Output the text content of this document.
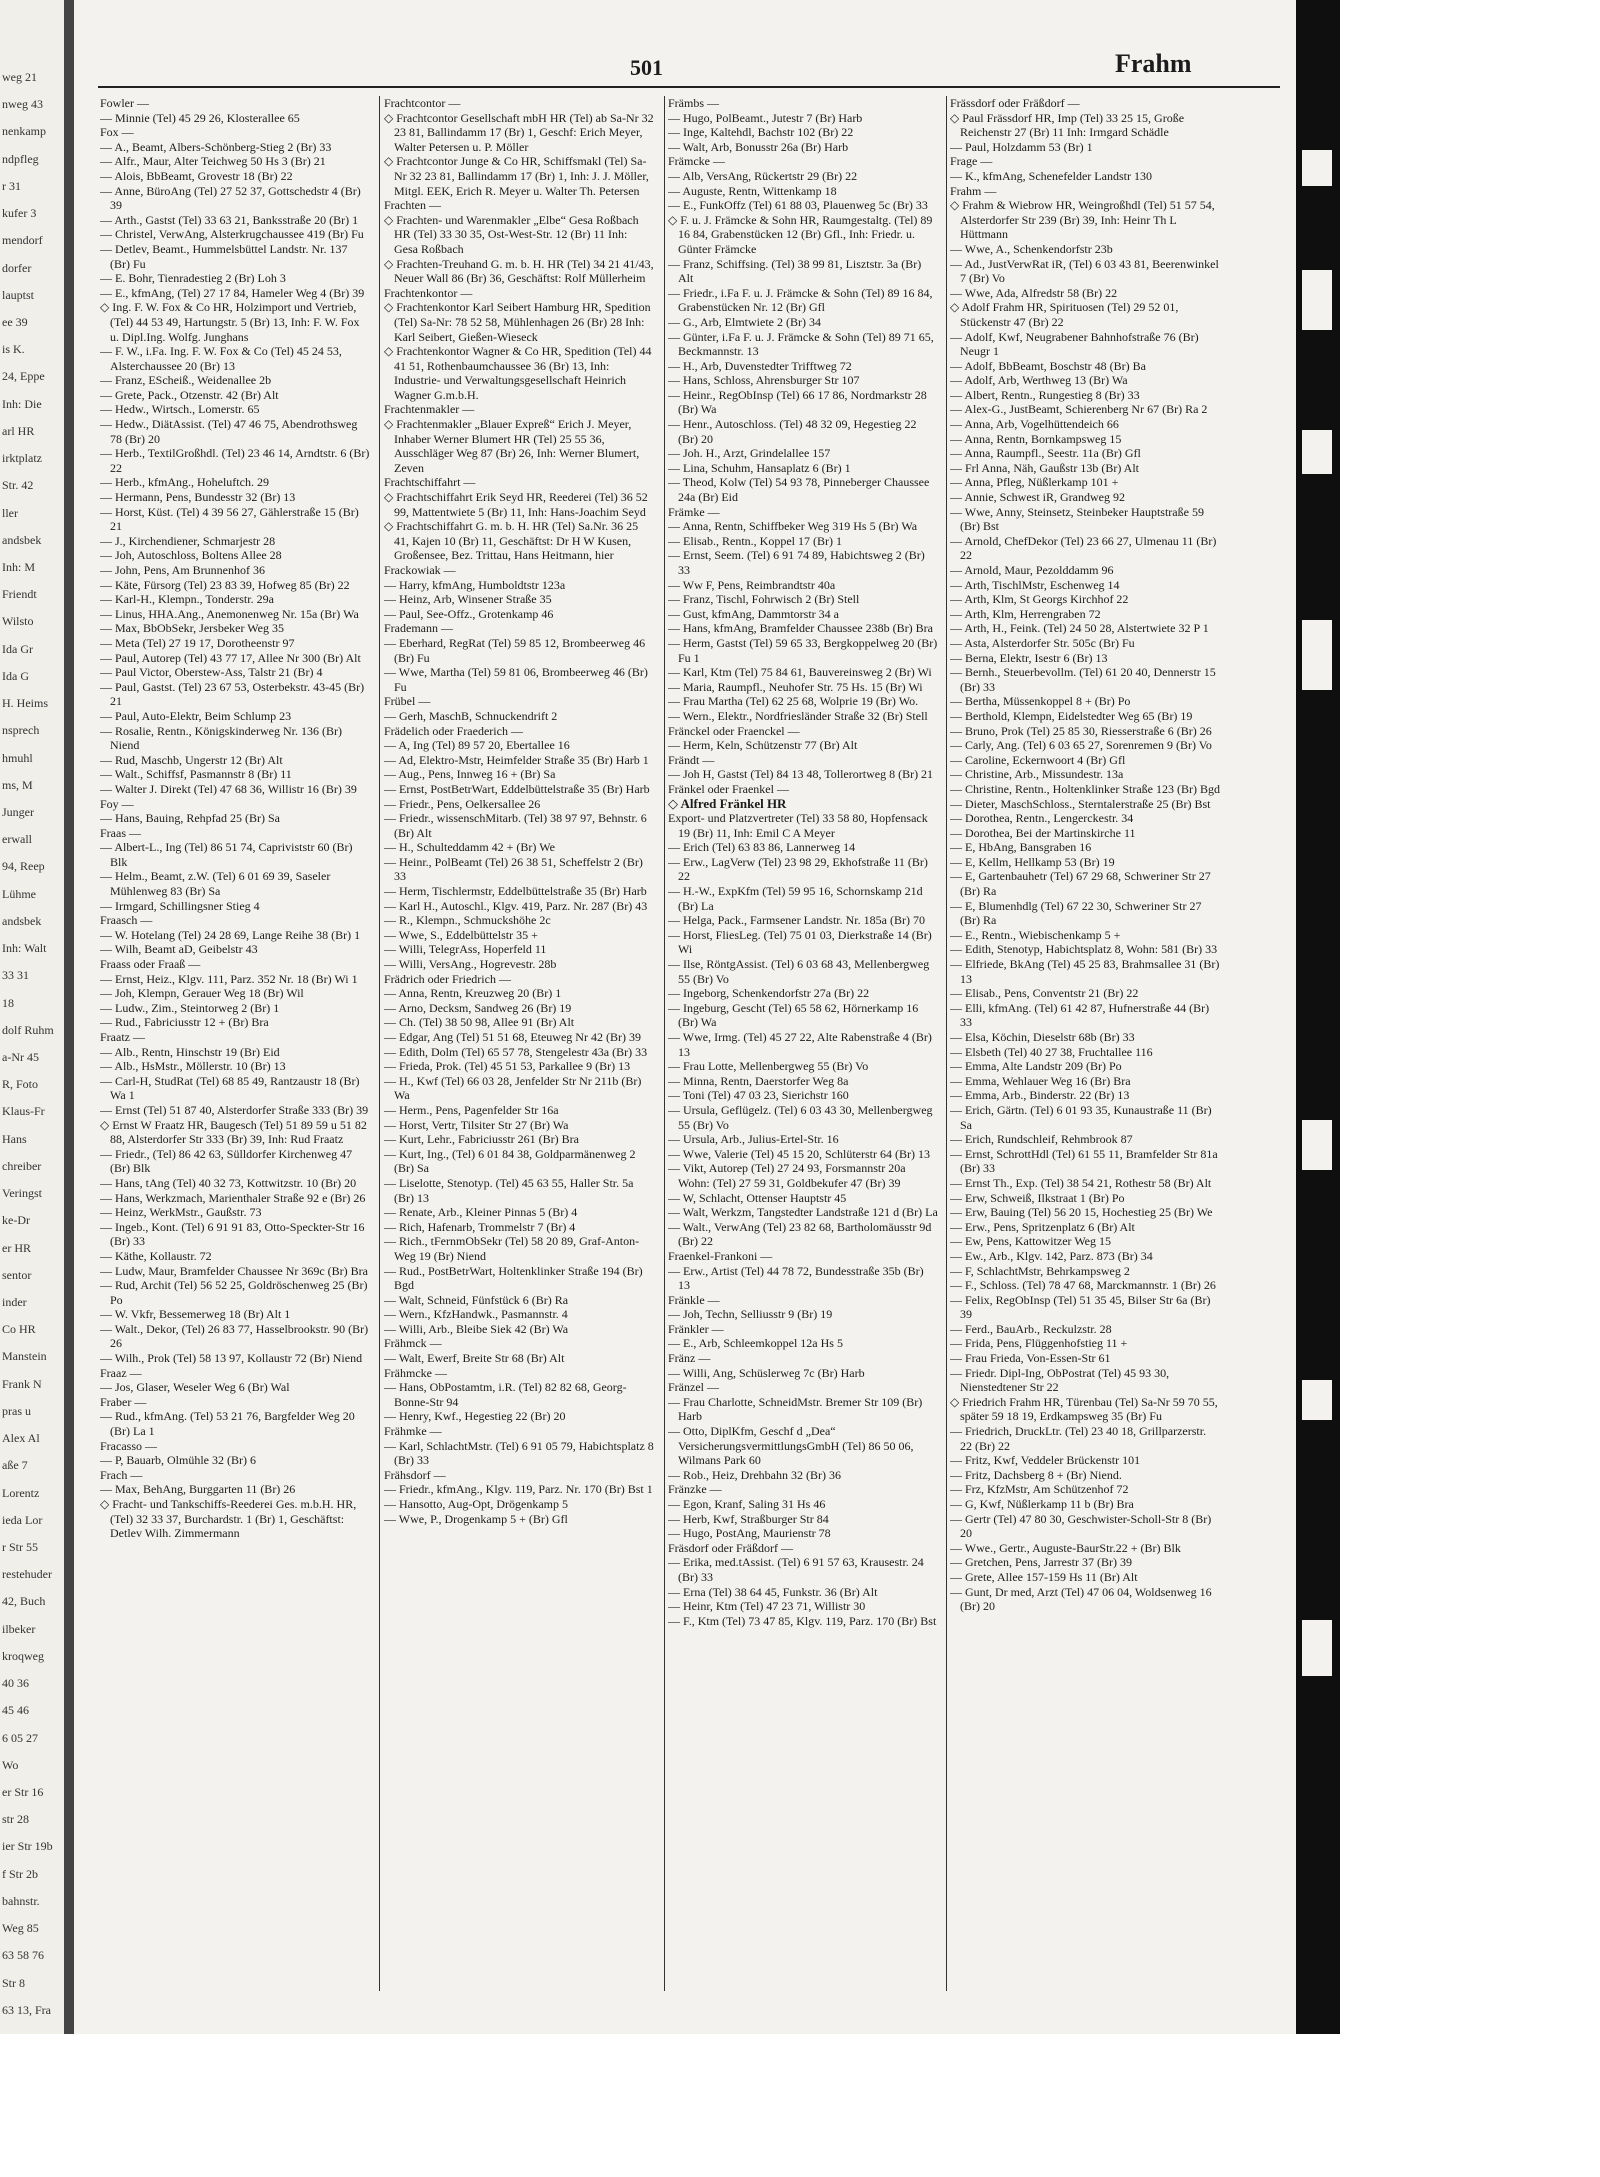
weg 21
nweg 43
nenkamp
ndpfleg
r 31
kufer 3
mendorf
dorfer
lauptst
ee 39
is K.
24, Eppe
Inh: Die
arl HR
irktplatz
Str. 42
ller
andsbek
Inh: M
Friendt
Wilsto
Ida Gr
Ida G
H. Heims
nsprech
hmuhl
ms, M
Junger
erwall
94, Reep
Lühme
andsbek
Inh: Walt
33 31
18
dolf Ruhm
a-Nr 45
R, Foto
Klaus-Fr
Hans
chreiber
Veringst
ke-Dr
er HR
sentor
inder
Co HR
Manstein
Frank N
pras u
Alex Al
aße 7
Lorentz
ieda Lor
r Str 55
restehuder
42, Buch
ilbeker
kroqweg
40 36
45 46
6 05 27
Wo
er Str 16
str 28
ier Str 19b
f Str 2b
bahnstr.
Weg 85
63 58 76
Str 8
63 13, Fra
501	Frahm
Fowler —
— Minnie (Tel) 45 29 26, Klosterallee 65
Fox —
— A., Beamt, Albers-Schönberg-Stieg 2 (Br) 33
— Alfr., Maur, Alter Teichweg 50 Hs 3 (Br) 21
— Alois, BbBeamt, Grovestr 18 (Br) 22
— Anne, BüroAng (Tel) 27 52 37, Gottschedstr 4 (Br) 39
— Arth., Gastst (Tel) 33 63 21, Banksstraße 20 (Br) 1
— Christel, VerwAng, Alsterkrugchaussee 419 (Br) Fu
— Detlev, Beamt., Hummelsbüttel Landstr. Nr. 137 (Br) Fu
— E. Bohr, Tienradestieg 2 (Br) Loh 3
— E., kfmAng, (Tel) 27 17 84, Hameler Weg 4 (Br) 39
◇ Ing. F. W. Fox & Co HR, Holzimport und Vertrieb, (Tel) 44 53 49, Hartungstr. 5 (Br) 13, Inh: F. W. Fox u. Dipl.Ing. Wolfg. Junghans
— F. W., i.Fa. Ing. F. W. Fox & Co (Tel) 45 24 53, Alsterchaussee 20 (Br) 13
— Franz, EScheiß., Weidenallee 2b
— Grete, Pack., Otzenstr. 42 (Br) Alt
— Hedw., Wirtsch., Lomerstr. 65
— Hedw., DiätAssist. (Tel) 47 46 75, Abendrothsweg 78 (Br) 20
— Herb., TextilGroßhdl. (Tel) 23 46 14, Arndtstr. 6 (Br) 22
— Herb., kfmAng., Hoheluftch. 29
— Hermann, Pens, Bundesstr 32 (Br) 13
— Horst, Küst. (Tel) 4 39 56 27, Gählerstraße 15 (Br) 21
— J., Kirchendiener, Schmarjestr 28
— Joh, Autoschloss, Boltens Allee 28
— John, Pens, Am Brunnenhof 36
— Käte, Fürsorg (Tel) 23 83 39, Hofweg 85 (Br) 22
— Karl-H., Klempn., Tonderstr. 29a
— Linus, HHA.Ang., Anemonenweg Nr. 15a (Br) Wa
— Max, BbObSekr, Jersbeker Weg 35
— Meta (Tel) 27 19 17, Dorotheenstr 97
— Paul, Autorep (Tel) 43 77 17, Allee Nr 300 (Br) Alt
— Paul Victor, Oberstew-Ass, Talstr 21 (Br) 4
— Paul, Gastst. (Tel) 23 67 53, Osterbekstr. 43-45 (Br) 21
— Paul, Auto-Elektr, Beim Schlump 23
— Rosalie, Rentn., Königskinderweg Nr. 136 (Br) Niend
— Rud, Maschb, Ungerstr 12 (Br) Alt
— Walt., Schiffsf, Pasmannstr 8 (Br) 11
— Walter J. Direkt (Tel) 47 68 36, Willistr 16 (Br) 39
Foy —
— Hans, Bauing, Rehpfad 25 (Br) Sa
Fraas —
— Albert-L., Ing (Tel) 86 51 74, Capriviststr 60 (Br) Blk
— Helm., Beamt, z.W. (Tel) 6 01 69 39, Saseler Mühlenweg 83 (Br) Sa
— Irmgard, Schillingsner Stieg 4
Fraasch —
— W. Hotelang (Tel) 24 28 69, Lange Reihe 38 (Br) 1
— Wilh, Beamt aD, Geibelstr 43
Fraass oder Fraaß —
— Ernst, Heiz., Klgv. 111, Parz. 352 Nr. 18 (Br) Wi 1
— Joh, Klempn, Gerauer Weg 18 (Br) Wil
— Ludw., Zim., Steintorweg 2 (Br) 1
— Rud., Fabriciusstr 12 + (Br) Bra
Fraatz —
— Alb., Rentn, Hinschstr 19 (Br) Eid
— Alb., HsMstr., Möllerstr. 10 (Br) 13
— Carl-H, StudRat (Tel) 68 85 49, Rantzaustr 18 (Br) Wa 1
— Ernst (Tel) 51 87 40, Alsterdorfer Straße 333 (Br) 39
◇ Ernst W Fraatz HR, Baugesch (Tel) 51 89 59 u 51 82 88, Alsterdorfer Str 333 (Br) 39, Inh: Rud Fraatz
— Friedr., (Tel) 86 42 63, Sülldorfer Kirchenweg 47 (Br) Blk
— Hans, tAng (Tel) 40 32 73, Kottwitzstr. 10 (Br) 20
— Hans, Werkzmach, Marienthaler Straße 92 e (Br) 26
— Heinz, WerkMstr., Gaußstr. 73
— Ingeb., Kont. (Tel) 6 91 91 83, Otto-Speckter-Str 16 (Br) 33
— Käthe, Kollaustr. 72
— Ludw, Maur, Bramfelder Chaussee Nr 369c (Br) Bra
— Rud, Archit (Tel) 56 52 25, Goldröschenweg 25 (Br) Po
— W. Vkfr, Bessemerweg 18 (Br) Alt 1
— Walt., Dekor, (Tel) 26 83 77, Hasselbrookstr. 90 (Br) 26
— Wilh., Prok (Tel) 58 13 97, Kollaustr 72 (Br) Niend
Fraaz —
— Jos, Glaser, Weseler Weg 6 (Br) Wal
Fraber —
— Rud., kfmAng. (Tel) 53 21 76, Bargfelder Weg 20 (Br) La 1
Fracasso —
— P, Bauarb, Olmühle 32 (Br) 6
Frach —
— Max, BehAng, Burggarten 11 (Br) 26
◇ Fracht- und Tankschiffs-Reederei Ges. m.b.H. HR, (Tel) 32 33 37, Burchardstr. 1 (Br) 1, Geschäftst: Detlev Wilh. Zimmermann
Frachtcontor —
◇ Frachtcontor Gesellschaft mbH HR (Tel) ab Sa-Nr 32 23 81, Ballindamm 17 (Br) 1, Geschf: Erich Meyer, Walter Petersen u. P. Möller
◇ Frachtcontor Junge & Co HR, Schiffsmakl (Tel) Sa-Nr 32 23 81, Ballindamm 17 (Br) 1, Inh: J. J. Möller, Mitgl. EEK, Erich R. Meyer u. Walter Th. Petersen
Frachten —
◇ Frachten- und Warenmakler „Elbe“ Gesa Roßbach HR (Tel) 33 30 35, Ost-West-Str. 12 (Br) 11 Inh: Gesa Roßbach
◇ Frachten-Treuhand G. m. b. H. HR (Tel) 34 21 41/43, Neuer Wall 86 (Br) 36, Geschäftst: Rolf Müllerheim
Frachtenkontor —
◇ Frachtenkontor Karl Seibert Hamburg HR, Spedition (Tel) Sa-Nr: 78 52 58, Mühlenhagen 26 (Br) 28 Inh: Karl Seibert, Gießen-Wieseck
◇ Frachtenkontor Wagner & Co HR, Spedition (Tel) 44 41 51, Rothenbaumchaussee 36 (Br) 13, Inh: Industrie- und Verwaltungsgesellschaft Heinrich Wagner G.m.b.H.
Frachtenmakler —
◇ Frachtenmakler „Blauer Expreß“ Erich J. Meyer, Inhaber Werner Blumert HR (Tel) 25 55 36, Ausschläger Weg 87 (Br) 26, Inh: Werner Blumert, Zeven
Frachtschiffahrt —
◇ Frachtschiffahrt Erik Seyd HR, Reederei (Tel) 36 52 99, Mattentwiete 5 (Br) 11, Inh: Hans-Joachim Seyd
◇ Frachtschiffahrt G. m. b. H. HR (Tel) Sa.Nr. 36 25 41, Kajen 10 (Br) 11, Geschäftst: Dr H W Kusen, Großensee, Bez. Trittau, Hans Heitmann, hier
Frackowiak —
— Harry, kfmAng, Humboldtstr 123a
— Heinz, Arb, Winsener Straße 35
— Paul, See-Offz., Grotenkamp 46
Frademann —
— Eberhard, RegRat (Tel) 59 85 12, Brombeerweg 46 (Br) Fu
— Wwe, Martha (Tel) 59 81 06, Brombeerweg 46 (Br) Fu
Frübel —
— Gerh, MaschB, Schnuckendrift 2
Frädelich oder Fraederich —
— A, Ing (Tel) 89 57 20, Ebertallee 16
— Ad, Elektro-Mstr, Heimfelder Straße 35 (Br) Harb 1
— Aug., Pens, Innweg 16 + (Br) Sa
— Ernst, PostBetrWart, Eddelbüttelstraße 35 (Br) Harb
— Friedr., Pens, Oelkersallee 26
— Friedr., wissenschMitarb. (Tel) 38 97 97, Behnstr. 6 (Br) Alt
— H., Schulteddamm 42 + (Br) We
— Heinr., PolBeamt (Tel) 26 38 51, Scheffelstr 2 (Br) 33
— Herm, Tischlermstr, Eddelbüttelstraße 35 (Br) Harb
— Karl H., Autoschl., Klgv. 419, Parz. Nr. 287 (Br) 43
— R., Klempn., Schmuckshöhe 2c
— Wwe, S., Eddelbüttelstr 35 +
— Willi, TelegrAss, Hoperfeld 11
— Willi, VersAng., Hogrevestr. 28b
Frädrich oder Friedrich —
— Anna, Rentn, Kreuzweg 20 (Br) 1
— Arno, Decksm, Sandweg 26 (Br) 19
— Ch. (Tel) 38 50 98, Allee 91 (Br) Alt
— Edgar, Ang (Tel) 51 51 68, Eteuweg Nr 42 (Br) 39
— Edith, Dolm (Tel) 65 57 78, Stengelestr 43a (Br) 33
— Frieda, Prok. (Tel) 45 51 53, Parkallee 9 (Br) 13
— H., Kwf (Tel) 66 03 28, Jenfelder Str Nr 211b (Br) Wa
— Herm., Pens, Pagenfelder Str 16a
— Horst, Vertr, Tilsiter Str 27 (Br) Wa
— Kurt, Lehr., Fabriciusstr 261 (Br) Bra
— Kurt, Ing., (Tel) 6 01 84 38, Goldparmänenweg 2 (Br) Sa
— Liselotte, Stenotyp. (Tel) 45 63 55, Haller Str. 5a (Br) 13
— Renate, Arb., Kleiner Pinnas 5 (Br) 4
— Rich, Hafenarb, Trommelstr 7 (Br) 4
— Rich., tFernmObSekr (Tel) 58 20 89, Graf-Anton-Weg 19 (Br) Niend
— Rud., PostBetrWart, Holtenklinker Straße 194 (Br) Bgd
— Walt, Schneid, Fünfstück 6 (Br) Ra
— Wern., KfzHandwk., Pasmannstr. 4
— Willi, Arb., Bleibe Siek 42 (Br) Wa
Frähmck —
— Walt, Ewerf, Breite Str 68 (Br) Alt
Frähmcke —
— Hans, ObPostamtm, i.R. (Tel) 82 82 68, Georg-Bonne-Str 94
— Henry, Kwf., Hegestieg 22 (Br) 20
Frähmke —
— Karl, SchlachtMstr. (Tel) 6 91 05 79, Habichtsplatz 8 (Br) 33
Frähsdorf —
— Friedr., kfmAng., Klgv. 119, Parz. Nr. 170 (Br) Bst 1
— Hansotto, Aug-Opt, Drögenkamp 5
— Wwe, P., Drogenkamp 5 + (Br) Gfl
Främbs —
— Hugo, PolBeamt., Jutestr 7 (Br) Harb
— Inge, Kaltehdl, Bachstr 102 (Br) 22
— Walt, Arb, Bonusstr 26a (Br) Harb
Främcke —
— Alb, VersAng, Rückertstr 29 (Br) 22
— Auguste, Rentn, Wittenkamp 18
— E., FunkOffz (Tel) 61 88 03, Plauenweg 5c (Br) 33
◇ F. u. J. Främcke & Sohn HR, Raumgestaltg. (Tel) 89 16 84, Grabenstücken 12 (Br) Gfl., Inh: Friedr. u. Günter Främcke
— Franz, Schiffsing. (Tel) 38 99 81, Lisztstr. 3a (Br) Alt
— Friedr., i.Fa F. u. J. Främcke & Sohn (Tel) 89 16 84, Grabenstücken Nr. 12 (Br) Gfl
— G., Arb, Elmtwiete 2 (Br) 34
— Günter, i.Fa F. u. J. Främcke & Sohn (Tel) 89 71 65, Beckmannstr. 13
— H., Arb, Duvenstedter Trifftweg 72
— Hans, Schloss, Ahrensburger Str 107
— Heinr., RegObInsp (Tel) 66 17 86, Nordmarkstr 28 (Br) Wa
— Henr., Autoschloss. (Tel) 48 32 09, Hegestieg 22 (Br) 20
— Joh. H., Arzt, Grindelallee 157
— Lina, Schuhm, Hansaplatz 6 (Br) 1
— Theod, Kolw (Tel) 54 93 78, Pinneberger Chaussee 24a (Br) Eid
Främke —
— Anna, Rentn, Schiffbeker Weg 319 Hs 5 (Br) Wa
— Elisab., Rentn., Koppel 17 (Br) 1
— Ernst, Seem. (Tel) 6 91 74 89, Habichtsweg 2 (Br) 33
— Ww F, Pens, Reimbrandtstr 40a
— Franz, Tischl, Fohrwisch 2 (Br) Stell
— Gust, kfmAng, Dammtorstr 34 a
— Hans, kfmAng, Bramfelder Chaussee 238b (Br) Bra
— Herm, Gastst (Tel) 59 65 33, Bergkoppelweg 20 (Br) Fu 1
— Karl, Ktm (Tel) 75 84 61, Bauvereinsweg 2 (Br) Wi
— Maria, Raumpfl., Neuhofer Str. 75 Hs. 15 (Br) Wi
— Frau Martha (Tel) 62 25 68, Wolprie 19 (Br) Wo.
— Wern., Elektr., Nordfriesländer Straße 32 (Br) Stell
Fränckel oder Fraenckel —
— Herm, Keln, Schützenstr 77 (Br) Alt
Frändt —
— Joh H, Gastst (Tel) 84 13 48, Tollerortweg 8 (Br) 21
Fränkel oder Fraenkel —
◇ Alfred Fränkel HR
Export- und Platzvertreter (Tel) 33 58 80, Hopfensack 19 (Br) 11, Inh: Emil C A Meyer
— Erich (Tel) 63 83 86, Lannerweg 14
— Erw., LagVerw (Tel) 23 98 29, Ekhofstraße 11 (Br) 22
— H.-W., ExpKfm (Tel) 59 95 16, Schornskamp 21d (Br) La
— Helga, Pack., Farmsener Landstr. Nr. 185a (Br) 70
— Horst, FliesLeg. (Tel) 75 01 03, Dierkstraße 14 (Br) Wi
— Ilse, RöntgAssist. (Tel) 6 03 68 43, Mellenbergweg 55 (Br) Vo
— Ingeborg, Schenkendorfstr 27a (Br) 22
— Ingeburg, Gescht (Tel) 65 58 62, Hörnerkamp 16 (Br) Wa
— Wwe, Irmg. (Tel) 45 27 22, Alte Rabenstraße 4 (Br) 13
— Frau Lotte, Mellenbergweg 55 (Br) Vo
— Minna, Rentn, Daerstorfer Weg 8a
— Toni (Tel) 47 03 23, Sierichstr 160
— Ursula, Geflügelz. (Tel) 6 03 43 30, Mellenbergweg 55 (Br) Vo
— Ursula, Arb., Julius-Ertel-Str. 16
— Wwe, Valerie (Tel) 45 15 20, Schlüterstr 64 (Br) 13
— Vikt, Autorep (Tel) 27 24 93, Forsmannstr 20a Wohn: (Tel) 27 59 31, Goldbekufer 47 (Br) 39
— W, Schlacht, Ottenser Hauptstr 45
— Walt, Werkzm, Tangstedter Landstraße 121 d (Br) La
— Walt., VerwAng (Tel) 23 82 68, Bartholomäusstr 9d (Br) 22
Fraenkel-Frankoni —
— Erw., Artist (Tel) 44 78 72, Bundesstraße 35b (Br) 13
Fränkle —
— Joh, Techn, Selliusstr 9 (Br) 19
Fränkler —
— E., Arb, Schleemkoppel 12a Hs 5
Fränz —
— Willi, Ang, Schüslerweg 7c (Br) Harb
Fränzel —
— Frau Charlotte, SchneidMstr. Bremer Str 109 (Br) Harb
— Otto, DiplKfm, Geschf d „Dea“ VersicherungsvermittlungsGmbH (Tel) 86 50 06, Wilmans Park 60
— Rob., Heiz, Drehbahn 32 (Br) 36
Fränzke —
— Egon, Kranf, Saling 31 Hs 46
— Herb, Kwf, Straßburger Str 84
— Hugo, PostAng, Maurienstr 78
Fräsdorf oder Fräßdorf —
— Erika, med.tAssist. (Tel) 6 91 57 63, Krausestr. 24 (Br) 33
— Erna (Tel) 38 64 45, Funkstr. 36 (Br) Alt
— Heinr, Ktm (Tel) 47 23 71, Willistr 30
— F., Ktm (Tel) 73 47 85, Klgv. 119, Parz. 170 (Br) Bst
Frässdorf oder Fräßdorf —
◇ Paul Frässdorf HR, Imp (Tel) 33 25 15, Große Reichenstr 27 (Br) 11 Inh: Irmgard Schädle
— Paul, Holzdamm 53 (Br) 1
Frage —
— K., kfmAng, Schenefelder Landstr 130
Frahm —
◇ Frahm & Wiebrow HR, Weingroßhdl (Tel) 51 57 54, Alsterdorfer Str 239 (Br) 39, Inh: Heinr Th L Hüttmann
— Wwe, A., Schenkendorfstr 23b
— Ad., JustVerwRat iR, (Tel) 6 03 43 81, Beerenwinkel 7 (Br) Vo
— Wwe, Ada, Alfredstr 58 (Br) 22
◇ Adolf Frahm HR, Spirituosen (Tel) 29 52 01, Stückenstr 47 (Br) 22
— Adolf, Kwf, Neugrabener Bahnhofstraße 76 (Br) Neugr 1
— Adolf, BbBeamt, Boschstr 48 (Br) Ba
— Adolf, Arb, Werthweg 13 (Br) Wa
— Albert, Rentn., Rungestieg 8 (Br) 33
— Alex-G., JustBeamt, Schierenberg Nr 67 (Br) Ra 2
— Anna, Arb, Vogelhüttendeich 66
— Anna, Rentn, Bornkampsweg 15
— Anna, Raumpfl., Seestr. 11a (Br) Gfl
— Frl Anna, Näh, Gaußstr 13b (Br) Alt
— Anna, Pfleg, Nüßlerkamp 101 +
— Annie, Schwest iR, Grandweg 92
— Wwe, Anny, Steinsetz, Steinbeker Hauptstraße 59 (Br) Bst
— Arnold, ChefDekor (Tel) 23 66 27, Ulmenau 11 (Br) 22
— Arnold, Maur, Pezolddamm 96
— Arth, TischlMstr, Eschenweg 14
— Arth, Klm, St Georgs Kirchhof 22
— Arth, Klm, Herrengraben 72
— Arth, H., Feink. (Tel) 24 50 28, Alstertwiete 32 P 1
— Asta, Alsterdorfer Str. 505c (Br) Fu
— Berna, Elektr, Isestr 6 (Br) 13
— Bernh., Steuerbevollm. (Tel) 61 20 40, Dennerstr 15 (Br) 33
— Bertha, Müssenkoppel 8 + (Br) Po
— Berthold, Klempn, Eidelstedter Weg 65 (Br) 19
— Bruno, Prok (Tel) 25 85 30, Riesserstraße 6 (Br) 26
— Carly, Ang. (Tel) 6 03 65 27, Sorenremen 9 (Br) Vo
— Caroline, Eckernwoort 4 (Br) Gfl
— Christine, Arb., Missundestr. 13a
— Christine, Rentn., Holtenklinker Straße 123 (Br) Bgd
— Dieter, MaschSchloss., Sterntalerstraße 25 (Br) Bst
— Dorothea, Rentn., Lengerckestr. 34
— Dorothea, Bei der Martinskirche 11
— E, HbAng, Bansgraben 16
— E, Kellm, Hellkamp 53 (Br) 19
— E, Gartenbauhetr (Tel) 67 29 68, Schweriner Str 27 (Br) Ra
— E, Blumenhdlg (Tel) 67 22 30, Schweriner Str 27 (Br) Ra
— E., Rentn., Wiebischenkamp 5 +
— Edith, Stenotyp, Habichtsplatz 8, Wohn: 581 (Br) 33
— Elfriede, BkAng (Tel) 45 25 83, Brahmsallee 31 (Br) 13
— Elisab., Pens, Conventstr 21 (Br) 22
— Elli, kfmAng. (Tel) 61 42 87, Hufnerstraße 44 (Br) 33
— Elsa, Köchin, Dieselstr 68b (Br) 33
— Elsbeth (Tel) 40 27 38, Fruchtallee 116
— Emma, Alte Landstr 209 (Br) Po
— Emma, Wehlauer Weg 16 (Br) Bra
— Emma, Arb., Binderstr. 22 (Br) 13
— Erich, Gärtn. (Tel) 6 01 93 35, Kunaustraße 11 (Br) Sa
— Erich, Rundschleif, Rehmbrook 87
— Ernst, SchrottHdl (Tel) 61 55 11, Bramfelder Str 81a (Br) 33
— Ernst Th., Exp. (Tel) 38 54 21, Rothestr 58 (Br) Alt
— Erw, Schweiß, Ilkstraat 1 (Br) Po
— Erw, Bauing (Tel) 56 20 15, Hochestieg 25 (Br) We
— Erw., Pens, Spritzenplatz 6 (Br) Alt
— Ew, Pens, Kattowitzer Weg 15
— Ew., Arb., Klgv. 142, Parz. 873 (Br) 34
— F, SchlachtMstr, Behrkampsweg 2
— F., Schloss. (Tel) 78 47 68, Marckmannstr. 1 (Br) 26
— Felix, RegObInsp (Tel) 51 35 45, Bilser Str 6a (Br) 39
— Ferd., BauArb., Reckulzstr. 28
— Frida, Pens, Flüggenhofstieg 11 +
— Frau Frieda, Von-Essen-Str 61
— Friedr. Dipl-Ing, ObPostrat (Tel) 45 93 30, Nienstedtener Str 22
◇ Friedrich Frahm HR, Türenbau (Tel) Sa-Nr 59 70 55, später 59 18 19, Erdkampsweg 35 (Br) Fu
— Friedrich, DruckLtr. (Tel) 23 40 18, Grillparzerstr. 22 (Br) 22
— Fritz, Kwf, Veddeler Brückenstr 101
— Fritz, Dachsberg 8 + (Br) Niend.
— Frz, KfzMstr, Am Schützenhof 72
— G, Kwf, Nüßlerkamp 11 b (Br) Bra
— Gertr (Tel) 47 80 30, Geschwister-Scholl-Str 8 (Br) 20
— Wwe., Gertr., Auguste-BaurStr.22 + (Br) Blk
— Gretchen, Pens, Jarrestr 37 (Br) 39
— Grete, Allee 157-159 Hs 11 (Br) Alt
— Gunt, Dr med, Arzt (Tel) 47 06 04, Woldsenweg 16 (Br) 20
